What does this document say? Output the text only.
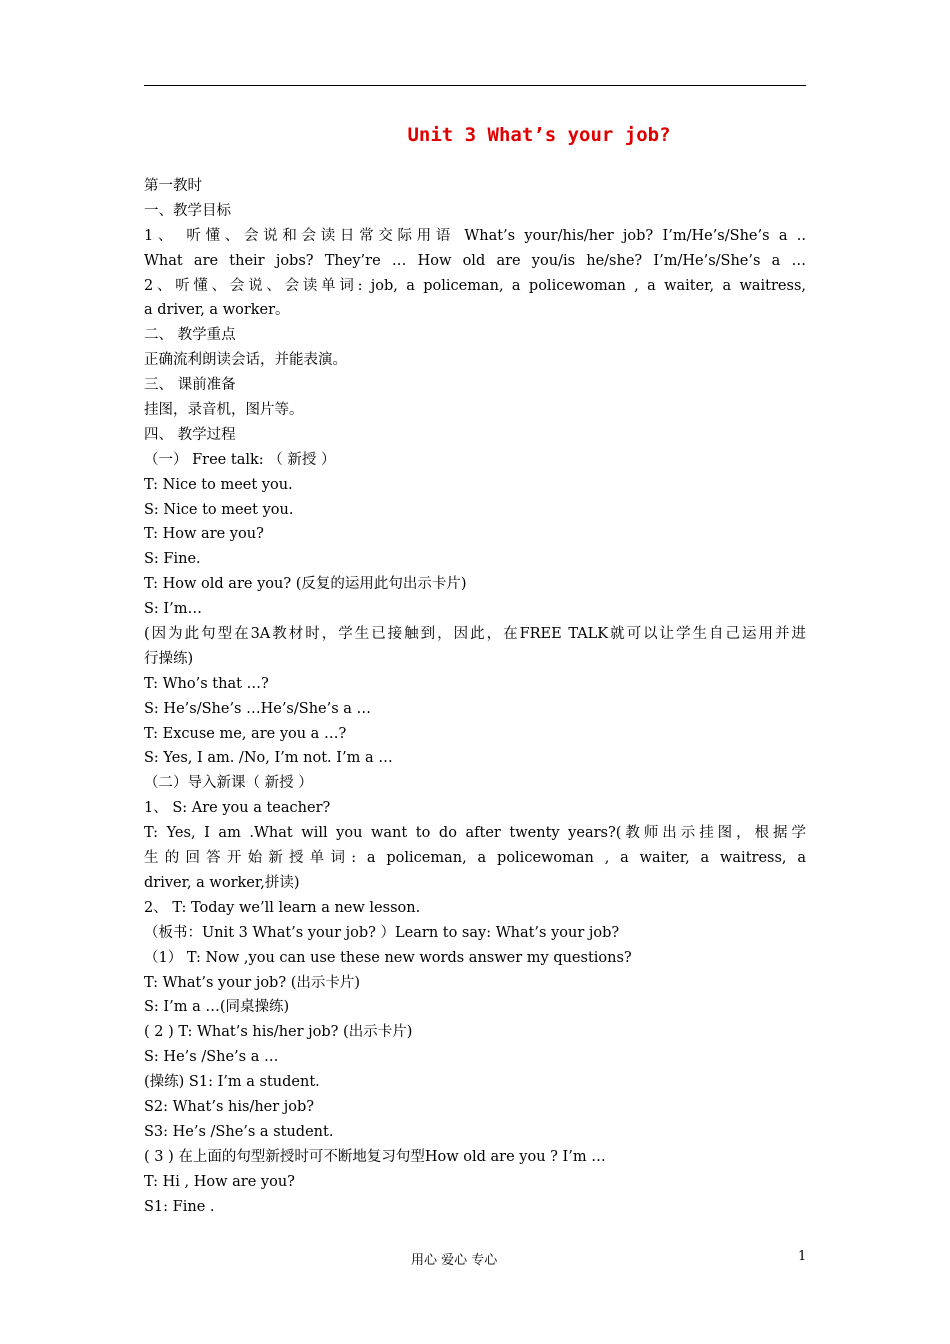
Unit 3 What’s your job?
第一教时
一、教学目标
1、 听懂、会说和会读日常交际用语 What’s your/his/her job? I’m/He’s/She’s a ..
What are their jobs? They’re … How old are you/is he/she? I’m/He’s/She’s a …
2、听懂、会说、会读单词: job, a policeman, a policewoman , a waiter, a waitress,
a driver, a worker。
二、 教学重点
正确流利朗读会话，并能表演。
三、 课前准备
挂图，录音机，图片等。
四、 教学过程
（一） Free talk: （ 新授 ）
T: Nice to meet you.
S: Nice to meet you.
T: How are you?
S: Fine.
T: How old are you? (反复的运用此句出示卡片)
S: I’m…
(因为此句型在3A教材时，学生已接触到，因此，在FREE TALK就可以让学生自己运用并进
行操练)
T: Who’s that …?
S: He’s/She’s …He’s/She’s a …
T: Excuse me, are you a …?
S: Yes, I am. /No, I’m not. I’m a …
（二）导入新课（ 新授 ）
1、 S: Are you a teacher?
T: Yes, I am .What will you want to do after twenty years?(教师出示挂图，根据学
生的回答开始新授单词: a policeman, a policewoman , a waiter, a waitress, a
driver, a worker,拼读)
2、 T: Today we’ll learn a new lesson.
（板书：Unit 3 What’s your job? ）Learn to say: What’s your job?
（1） T: Now ,you can use these new words answer my questions?
T: What’s your job? (出示卡片)
S: I’m a …(同桌操练)
( 2 ) T: What’s his/her job? (出示卡片)
S: He’s /She’s a …
(操练) S1: I’m a student.
S2: What’s his/her job?
S3: He’s /She’s a student.
( 3 ) 在上面的句型新授时可不断地复习句型How old are you ? I’m …
T: Hi , How are you?
S1: Fine .
用心 爱心 专心	1
